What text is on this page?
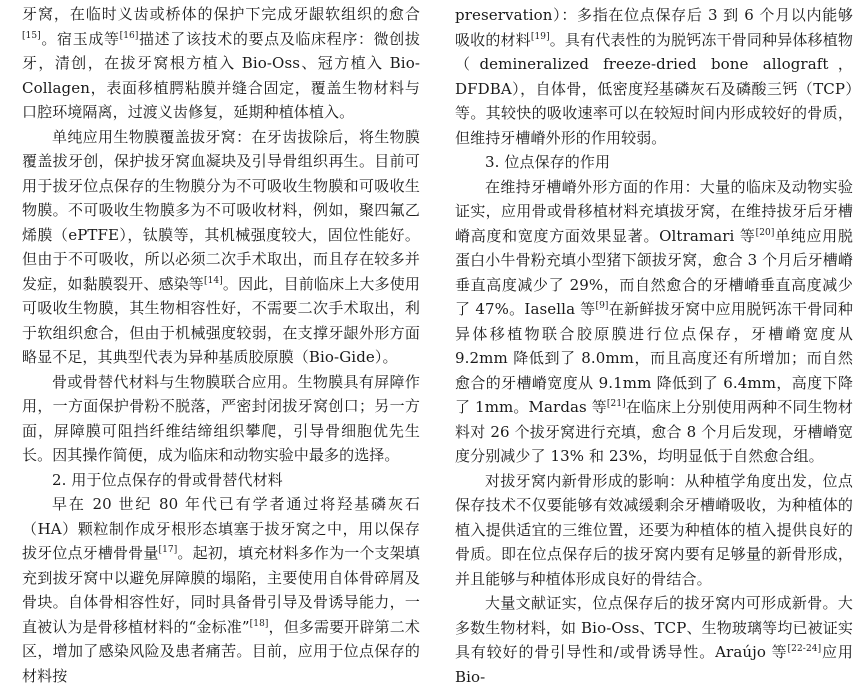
牙窝，在临时义齿或桥体的保护下完成牙龈软组织的愈合[15]。宿玉成等[16]描述了该技术的要点及临床程序：微创拔牙，清创，在拔牙窝根方植入 Bio-Oss、冠方植入 Bio-Collagen，表面移植腭粘膜并缝合固定，覆盖生物材料与口腔环境隔离，过渡义齿修复，延期种植体植入。

单纯应用生物膜覆盖拔牙窝：在牙齿拔除后，将生物膜覆盖拔牙创，保护拔牙窝血凝块及引导骨组织再生。目前可用于拔牙位点保存的生物膜分为不可吸收生物膜和可吸收生物膜。不可吸收生物膜多为不可吸收材料，例如，聚四氟乙烯膜（ePTFE），钛膜等，其机械强度较大，固位性能好。但由于不可吸收，所以必须二次手术取出，而且存在较多并发症，如黏膜裂开、感染等[14]。因此，目前临床上大多使用可吸收生物膜，其生物相容性好，不需要二次手术取出，利于软组织愈合，但由于机械强度较弱，在支撑牙龈外形方面略显不足，其典型代表为异种基质胶原膜（Bio-Gide）。

骨或骨替代材料与生物膜联合应用。生物膜具有屏障作用，一方面保护骨粉不脱落，严密封闭拔牙窝创口；另一方面，屏障膜可阻挡纤维结缔组织攀爬，引导骨细胞优先生长。因其操作简便，成为临床和动物实验中最多的选择。

2. 用于位点保存的骨或骨替代材料

早在 20 世纪 80 年代已有学者通过将羟基磷灰石（HA）颗粒制作成牙根形态填塞于拔牙窝之中，用以保存拔牙位点牙槽骨骨量[17]。起初，填充材料多作为一个支架填充到拔牙窝中以避免屏障膜的塌陷，主要使用自体骨碎屑及骨块。自体骨相容性好，同时具备骨引导及骨诱导能力，一直被认为是骨移植材料的“金标准”[18]，但多需要开辟第二术区，增加了感染风险及患者痛苦。目前，应用于位点保存的材料按

preservation）：多指在位点保存后 3 到 6 个月以内能够吸收的材料[19]。具有代表性的为脱钙冻干骨同种异体移植物（demineralized freeze-dried bone allograft，DFDBA），自体骨，低密度羟基磷灰石及磷酸三钙（TCP）等。其较快的吸收速率可以在较短时间内形成较好的骨质，但维持牙槽嵴外形的作用较弱。

3. 位点保存的作用

在维持牙槽嵴外形方面的作用：大量的临床及动物实验证实，应用骨或骨移植材料充填拔牙窝，在维持拔牙后牙槽嵴高度和宽度方面效果显著。Oltramari 等[20]单纯应用脱蛋白小牛骨粉充填小型猪下颌拔牙窝，愈合 3 个月后牙槽嵴垂直高度减少了 29%，而自然愈合的牙槽嵴垂直高度减少了 47%。Iasella 等[9]在新鲜拔牙窝中应用脱钙冻干骨同种异体移植物联合胶原膜进行位点保存，牙槽嵴宽度从 9.2mm 降低到了 8.0mm，而且高度还有所增加；而自然愈合的牙槽嵴宽度从 9.1mm 降低到了 6.4mm，高度下降了 1mm。Mardas 等[21]在临床上分别使用两种不同生物材料对 26 个拔牙窝进行充填，愈合 8 个月后发现，牙槽嵴宽度分别减少了 13% 和 23%，均明显低于自然愈合组。

对拔牙窝内新骨形成的影响：从种植学角度出发，位点保存技术不仅要能够有效减缓剩余牙槽嵴吸收，为种植体的植入提供适宜的三维位置，还要为种植体的植入提供良好的骨质。即在位点保存后的拔牙窝内要有足够量的新骨形成，并且能够与种植体形成良好的骨结合。

大量文献证实，位点保存后的拔牙窝内可形成新骨。大多数生物材料，如 Bio-Oss、TCP、生物玻璃等均已被证实具有较好的骨引导性和/或骨诱导性。Araújo 等[22-24]应用 Bio-
